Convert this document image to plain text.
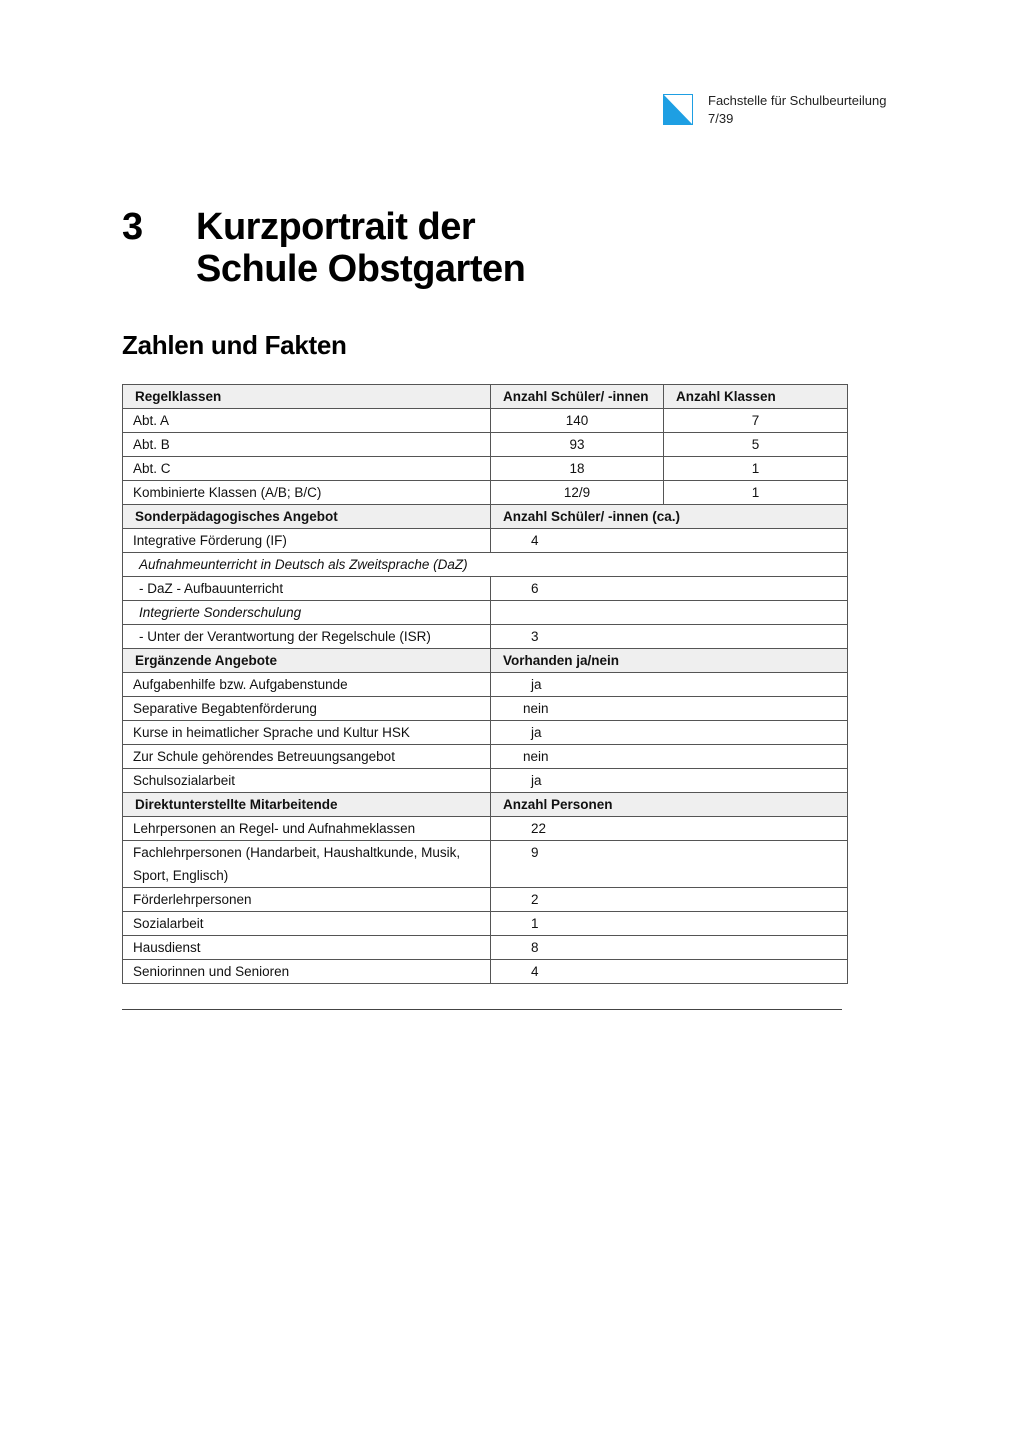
Fachstelle für Schulbeurteilung
7/39
3 Kurzportrait der
Schule Obstgarten
Zahlen und Fakten
Regelklassen	Anzahl Schüler/ -innen	Anzahl Klassen
Abt. A	140	7
Abt. B	93	5
Abt. C	18	1
Kombinierte Klassen (A/B; B/C)	12/9	1
Sonderpädagogisches Angebot	Anzahl Schüler/ -innen (ca.)	
Integrative Förderung (IF)	4	
Aufnahmeunterricht in Deutsch als Zweitsprache (DaZ)		
- DaZ - Aufbauunterricht	6	
Integrierte Sonderschulung		
- Unter der Verantwortung der Regelschule (ISR)	3	
Ergänzende Angebote	Vorhanden ja/nein	
Aufgabenhilfe bzw. Aufgabenstunde	ja	
Separative Begabtenförderung	nein	
Kurse in heimatlicher Sprache und Kultur HSK	ja	
Zur Schule gehörendes Betreuungsangebot	nein	
Schulsozialarbeit	ja	
Direktunterstellte Mitarbeitende	Anzahl Personen	
Lehrpersonen an Regel- und Aufnahmeklassen	22	
Fachlehrpersonen (Handarbeit, Haushaltkunde, Musik, Sport, Englisch)	9	
Förderlehrpersonen	2	
Sozialarbeit	1	
Hausdienst	8	
Seniorinnen und Senioren	4	
